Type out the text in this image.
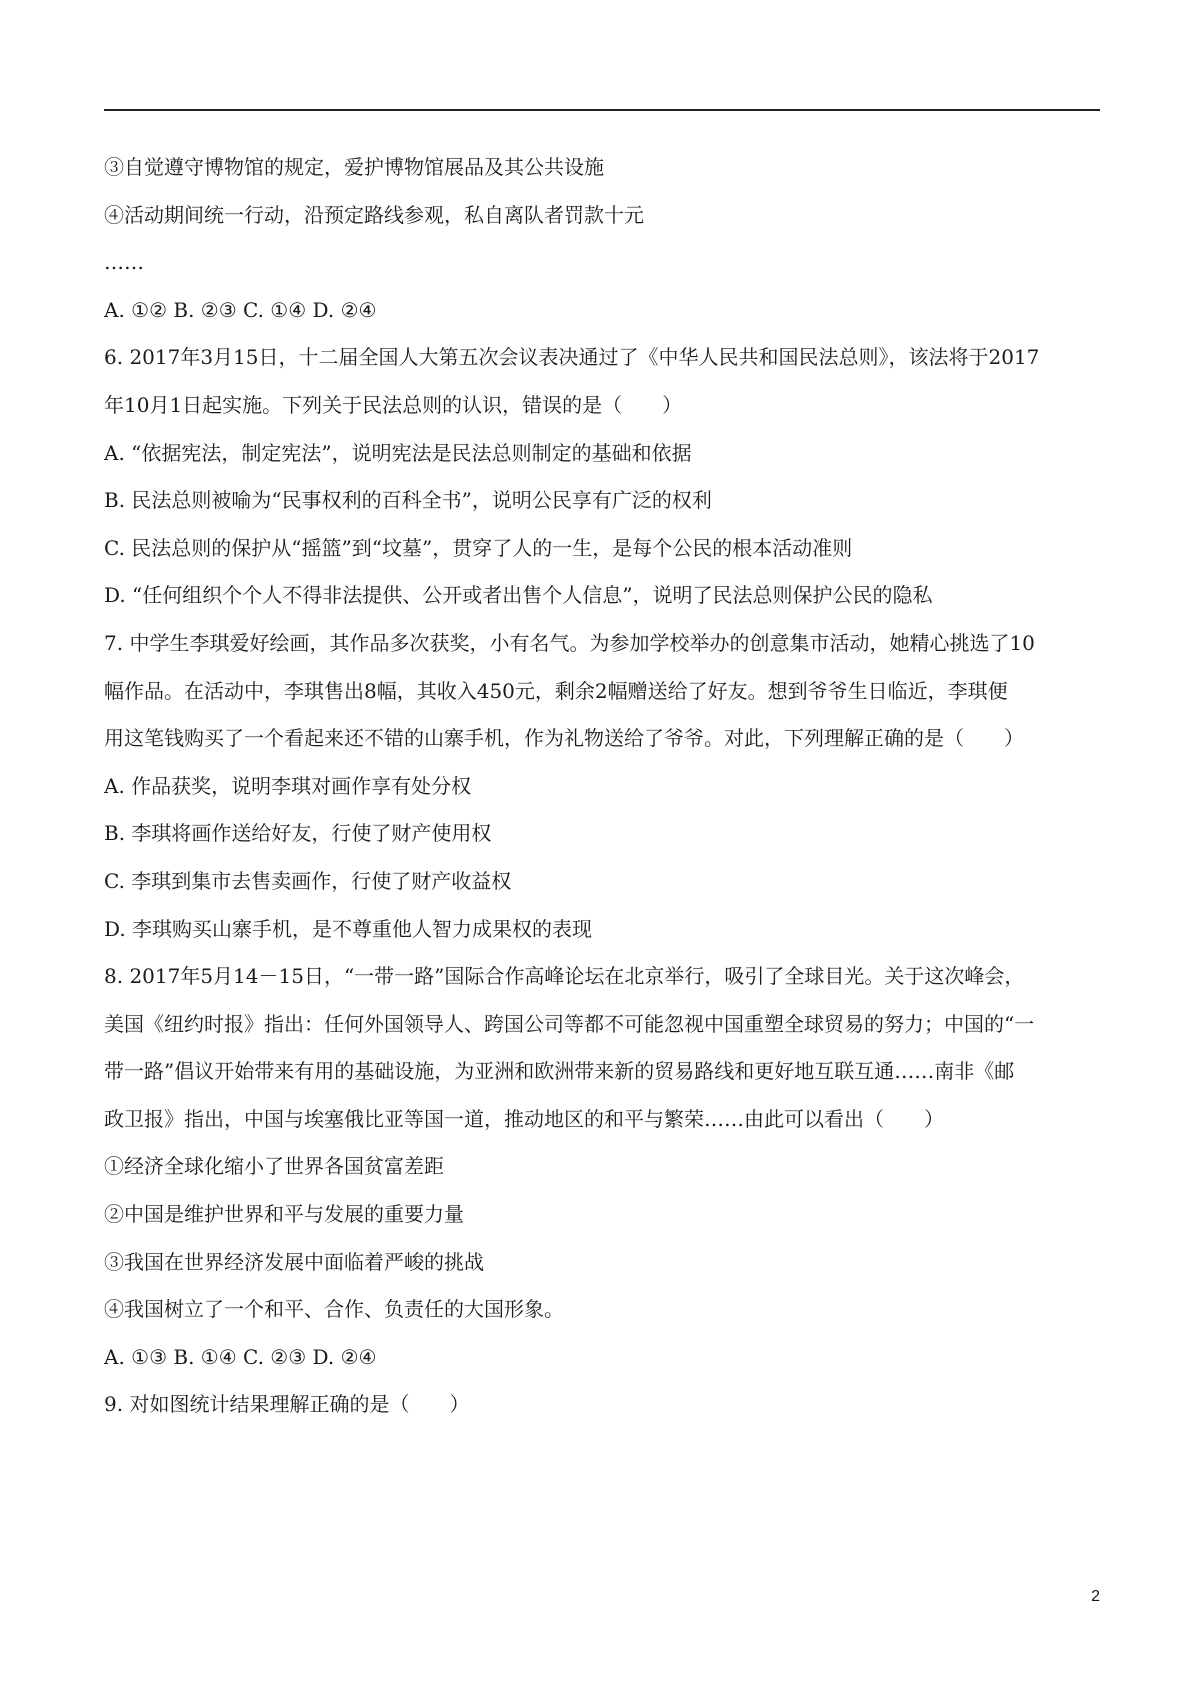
③自觉遵守博物馆的规定，爱护博物馆展品及其公共设施
④活动期间统一行动，沿预定路线参观，私自离队者罚款十元
……
A. ①② B. ②③ C. ①④ D. ②④
6. 2017年3月15日，十二届全国人大第五次会议表决通过了《中华人民共和国民法总则》，该法将于2017
年10月1日起实施。下列关于民法总则的认识，错误的是（　　）
A. “依据宪法，制定宪法”，说明宪法是民法总则制定的基础和依据
B. 民法总则被喻为“民事权利的百科全书”，说明公民享有广泛的权利
C. 民法总则的保护从“摇篮”到“坟墓”，贯穿了人的一生，是每个公民的根本活动准则
D. “任何组织个个人不得非法提供、公开或者出售个人信息”，说明了民法总则保护公民的隐私
7. 中学生李琪爱好绘画，其作品多次获奖，小有名气。为参加学校举办的创意集市活动，她精心挑选了10
幅作品。在活动中，李琪售出8幅，其收入450元，剩余2幅赠送给了好友。想到爷爷生日临近，李琪便
用这笔钱购买了一个看起来还不错的山寨手机，作为礼物送给了爷爷。对此，下列理解正确的是（　　）
A. 作品获奖，说明李琪对画作享有处分权
B. 李琪将画作送给好友，行使了财产使用权
C. 李琪到集市去售卖画作，行使了财产收益权
D. 李琪购买山寨手机，是不尊重他人智力成果权的表现
8. 2017年5月14－15日，“一带一路”国际合作高峰论坛在北京举行，吸引了全球目光。关于这次峰会，
美国《纽约时报》指出：任何外国领导人、跨国公司等都不可能忽视中国重塑全球贸易的努力；中国的“一
带一路”倡议开始带来有用的基础设施，为亚洲和欧洲带来新的贸易路线和更好地互联互通……南非《邮
政卫报》指出，中国与埃塞俄比亚等国一道，推动地区的和平与繁荣……由此可以看出（　　）
①经济全球化缩小了世界各国贫富差距
②中国是维护世界和平与发展的重要力量
③我国在世界经济发展中面临着严峻的挑战
④我国树立了一个和平、合作、负责任的大国形象。
A. ①③ B. ①④ C. ②③ D. ②④
9. 对如图统计结果理解正确的是（　　）
2
